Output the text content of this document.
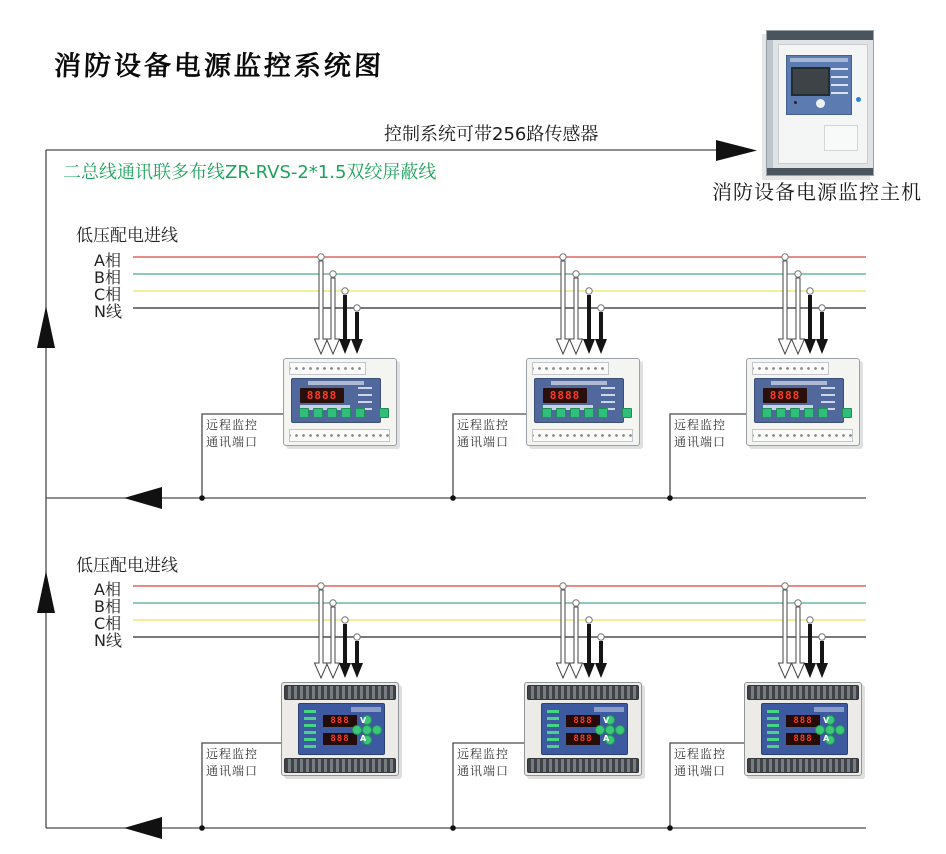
消防设备电源监控系统图
控制系统可带256路传感器
二总线通讯联多布线ZR-RVS-2*1.5双绞屏蔽线
消防设备电源监控主机
低压配电进线
A相
B相
C相
N线
低压配电进线
A相
B相
C相
N线
远程监控
通讯端口
远程监控
通讯端口
远程监控
通讯端口
远程监控
通讯端口
远程监控
通讯端口
远程监控
通讯端口
8888	8888	8888
888	V
888	A
888	V
888	A
888	V
888	A
